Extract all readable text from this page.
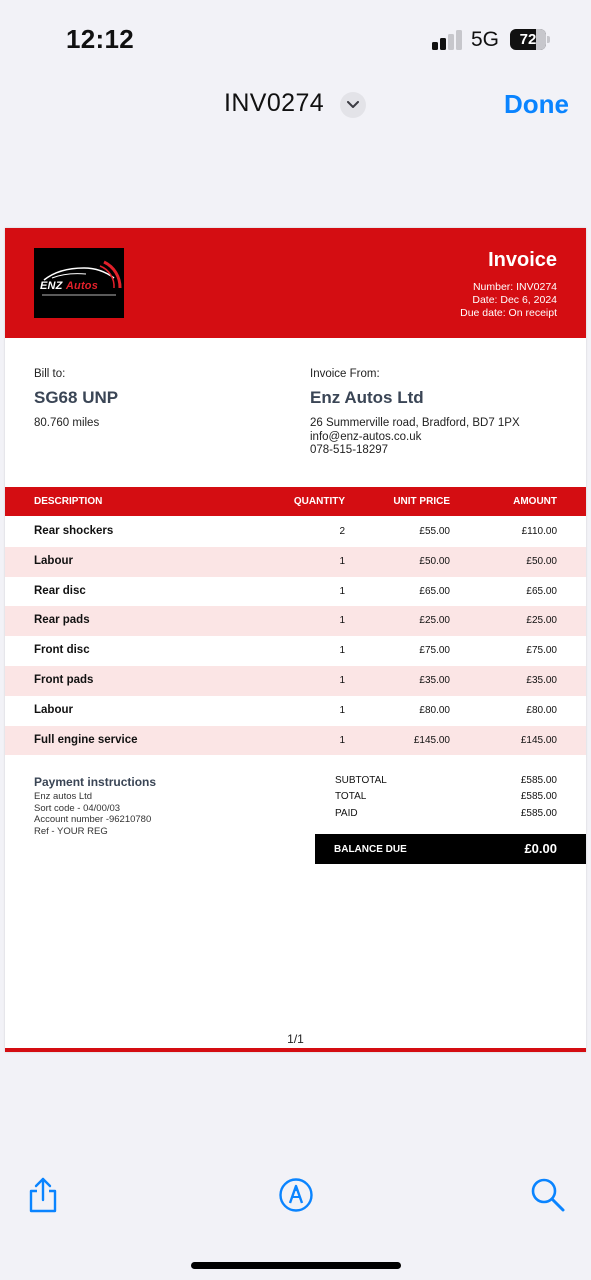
12:12	5G	72
INV0274	Done
ENZ Autos
Invoice
Number: INV0274
Date: Dec 6, 2024
Due date: On receipt
Bill to:
SG68 UNP
80.760 miles
Invoice From:
Enz Autos Ltd
26 Summerville road, Bradford, BD7 1PX
info@enz-autos.co.uk
078-515-18297
DESCRIPTION	QUANTITY	UNIT PRICE	AMOUNT
Rear shockers	2	£55.00	£110.00
Labour	1	£50.00	£50.00
Rear disc	1	£65.00	£65.00
Rear pads	1	£25.00	£25.00
Front disc	1	£75.00	£75.00
Front pads	1	£35.00	£35.00
Labour	1	£80.00	£80.00
Full engine service	1	£145.00	£145.00
Payment instructions
Enz autos Ltd
Sort code - 04/00/03
Account number -96210780
Ref - YOUR REG
SUBTOTAL	£585.00
TOTAL	£585.00
PAID	£585.00
BALANCE DUE	£0.00
1/1
